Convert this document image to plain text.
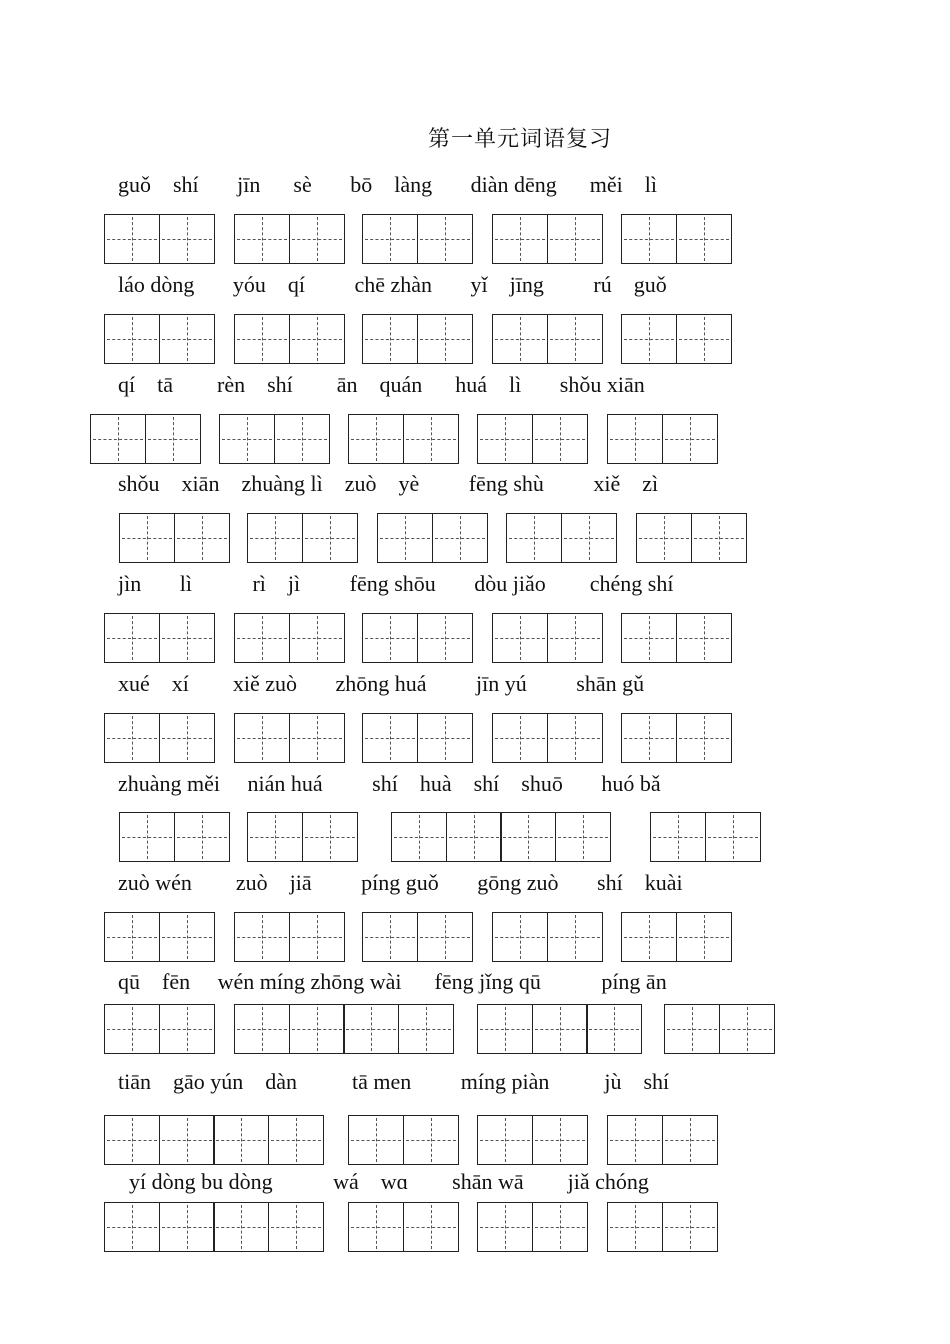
第一单元词语复习
guǒ    shí       jīn      sè       bō    làng       diàn dēng      měi    lì
láo dòng       yóu    qí         chē zhàn       yǐ    jīng         rú    guǒ
qí    tā        rèn    shí        ān    quán      huá    lì       shǒu xiān
shǒu    xiān    zhuàng lì    zuò    yè         fēng shù         xiě    zì
jìn       lì           rì    jì         fēng shōu       dòu jiǎo        chéng shí
xué    xí        xiě zuò       zhōng huá         jīn yú         shān gǔ
zhuàng měi     nián huá         shí    huà    shí    shuō       huó bǎ
zuò wén        zuò    jiā         píng guǒ       gōng zuò       shí    kuài
qū    fēn     wén míng zhōng wài      fēng jǐng qū           píng ān
tiān    gāo yún    dàn          tā men         míng piàn          jù    shí
yí dòng bu dòng           wá    wɑ        shān wā        jiǎ chóng
